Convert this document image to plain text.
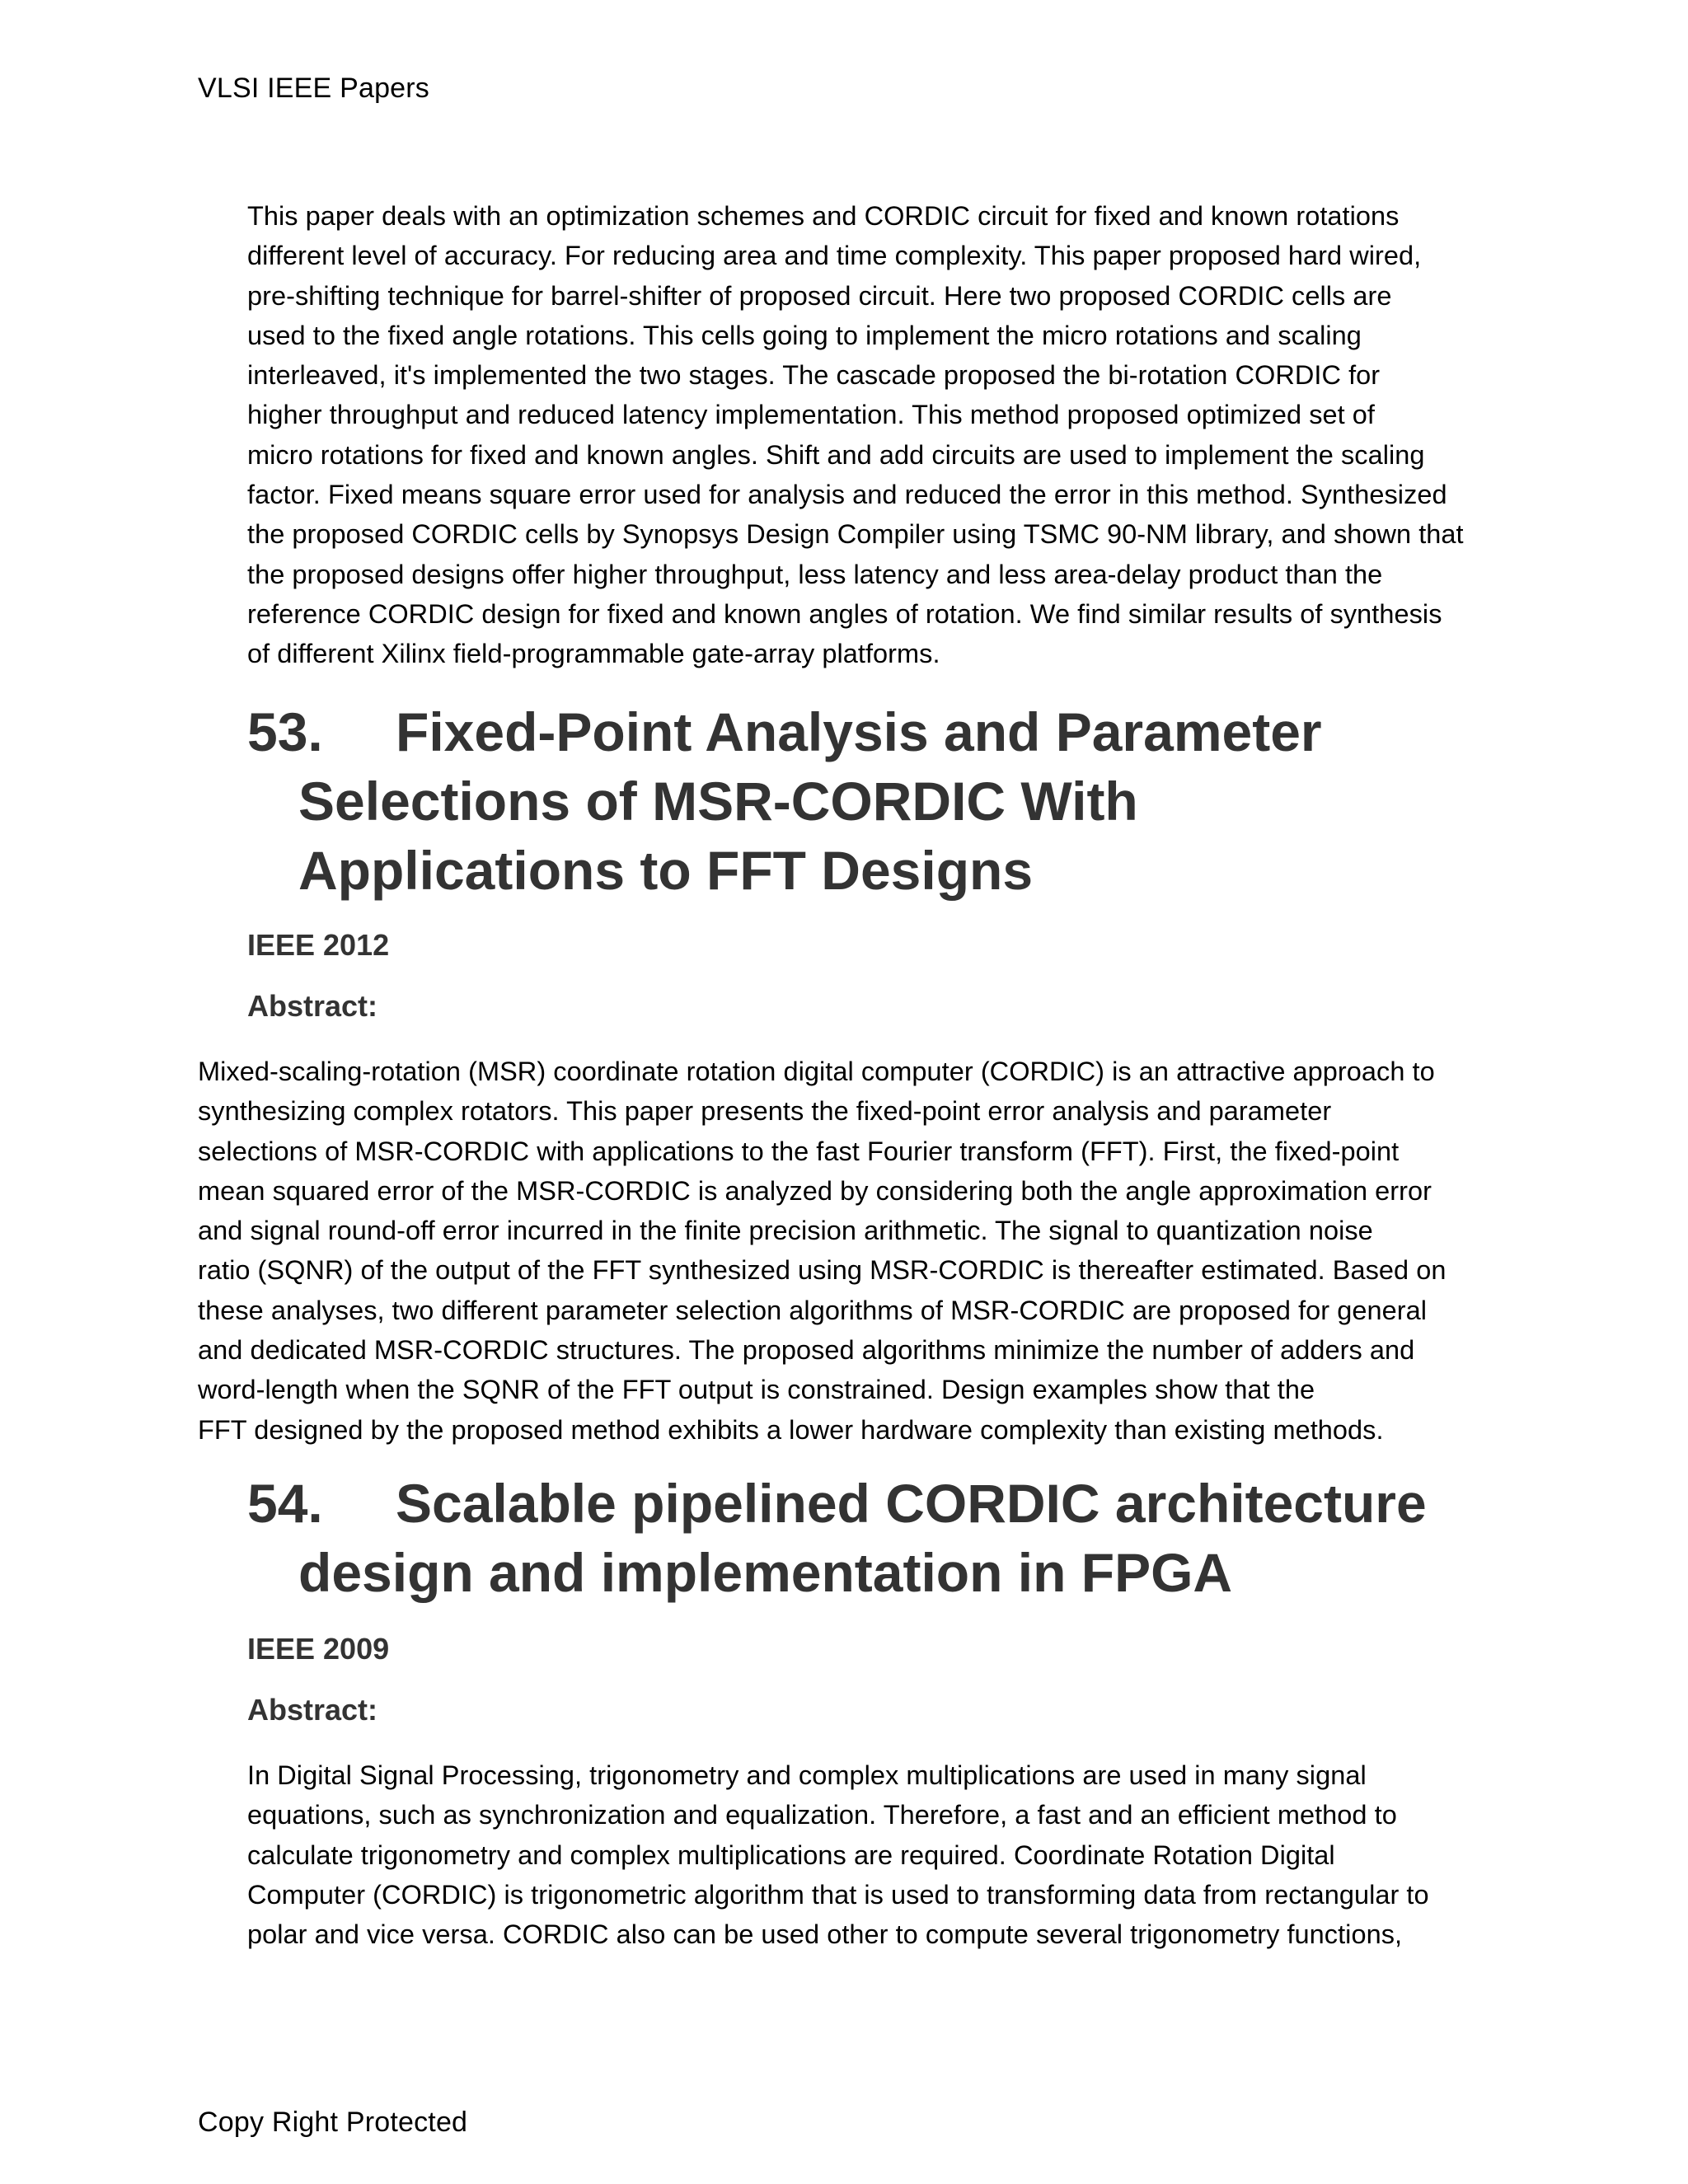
VLSI IEEE Papers
This paper deals with an optimization schemes and CORDIC circuit for fixed and known rotations
different level of accuracy. For reducing area and time complexity. This paper proposed hard wired,
pre-shifting technique for barrel-shifter of proposed circuit. Here two proposed CORDIC cells are
used to the fixed angle rotations. This cells going to implement the micro rotations and scaling
interleaved, it's implemented the two stages. The cascade proposed the bi-rotation CORDIC for
higher throughput and reduced latency implementation. This method proposed optimized set of
micro rotations for fixed and known angles. Shift and add circuits are used to implement the scaling
factor. Fixed means square error used for analysis and reduced the error in this method. Synthesized
the proposed CORDIC cells by Synopsys Design Compiler using TSMC 90-NM library, and shown that
the proposed designs offer higher throughput, less latency and less area-delay product than the
reference CORDIC design for fixed and known angles of rotation. We find similar results of synthesis
of different Xilinx field-programmable gate-array platforms.
53. Fixed-Point Analysis and Parameter
Selections of MSR-CORDIC With
Applications to FFT Designs
IEEE 2012
Abstract:
Mixed-scaling-rotation (MSR) coordinate rotation digital computer (CORDIC) is an attractive approach to
synthesizing complex rotators. This paper presents the fixed-point error analysis and parameter
selections of MSR-CORDIC with applications to the fast Fourier transform (FFT). First, the fixed-point
mean squared error of the MSR-CORDIC is analyzed by considering both the angle approximation error
and signal round-off error incurred in the finite precision arithmetic. The signal to quantization noise
ratio (SQNR) of the output of the FFT synthesized using MSR-CORDIC is thereafter estimated. Based on
these analyses, two different parameter selection algorithms of MSR-CORDIC are proposed for general
and dedicated MSR-CORDIC structures. The proposed algorithms minimize the number of adders and
word-length when the SQNR of the FFT output is constrained. Design examples show that the
FFT designed by the proposed method exhibits a lower hardware complexity than existing methods.
54. Scalable pipelined CORDIC architecture
design and implementation in FPGA
IEEE 2009
Abstract:
In Digital Signal Processing, trigonometry and complex multiplications are used in many signal
equations, such as synchronization and equalization. Therefore, a fast and an efficient method to
calculate trigonometry and complex multiplications are required. Coordinate Rotation Digital
Computer (CORDIC) is trigonometric algorithm that is used to transforming data from rectangular to
polar and vice versa. CORDIC also can be used other to compute several trigonometry functions,
Copy Right Protected
